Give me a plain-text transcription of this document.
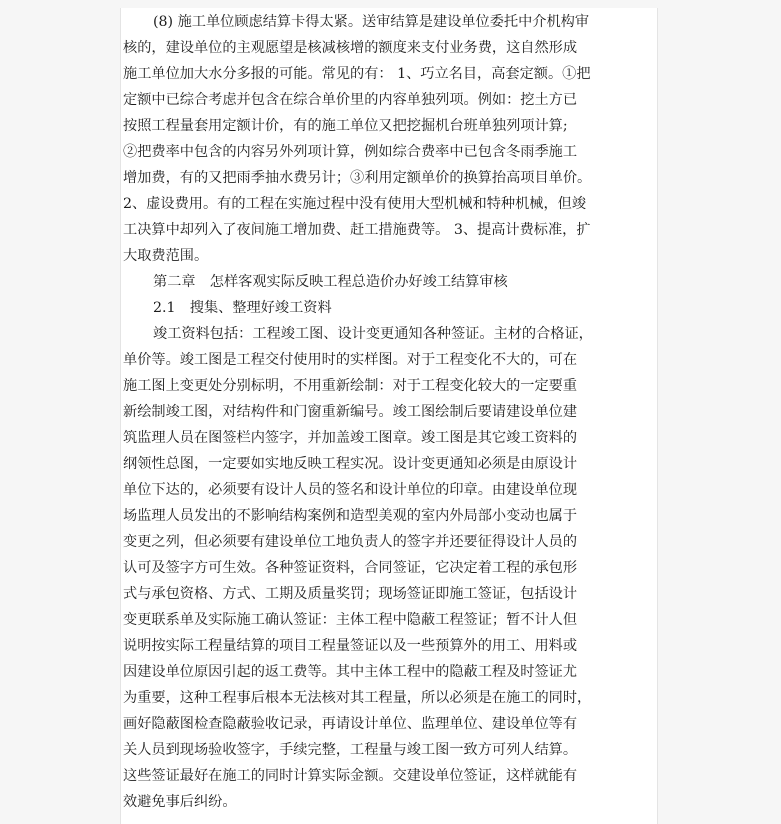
(8) 施工单位顾虑结算卡得太紧。送审结算是建设单位委托中介机构审
核的，建设单位的主观愿望是核减核增的额度来支付业务费，这自然形成
施工单位加大水分多报的可能。常见的有： 1、巧立名目，高套定额。①把
定额中已综合考虑并包含在综合单价里的内容单独列项。例如：挖土方已
按照工程量套用定额计价，有的施工单位又把挖掘机台班单独列项计算;
②把费率中包含的内容另外列项计算，例如综合费率中已包含冬雨季施工
增加费，有的又把雨季抽水费另计；③利用定额单价的换算抬高项目单价。
2、虚设费用。有的工程在实施过程中没有使用大型机械和特种机械，但竣
工决算中却列入了夜间施工增加费、赶工措施费等。 3、提高计费标准，扩
大取费范围。
第二章　怎样客观实际反映工程总造价办好竣工结算审核
2.1　搜集、整理好竣工资料
竣工资料包括：工程竣工图、设计变更通知各种签证。主材的合格证，
单价等。竣工图是工程交付使用时的实样图。对于工程变化不大的，可在
施工图上变更处分别标明，不用重新绘制：对于工程变化较大的一定要重
新绘制竣工图，对结构件和门窗重新编号。竣工图绘制后要请建设单位建
筑监理人员在图签栏内签字，并加盖竣工图章。竣工图是其它竣工资料的
纲领性总图，一定要如实地反映工程实况。设计变更通知必须是由原设计
单位下达的，必须要有设计人员的签名和设计单位的印章。由建设单位现
场监理人员发出的不影响结构案例和造型美观的室内外局部小变动也属于
变更之列，但必须要有建设单位工地负责人的签字并还要征得设计人员的
认可及签字方可生效。各种签证资料，合同签证，它决定着工程的承包形
式与承包资格、方式、工期及质量奖罚；现场签证即施工签证，包括设计
变更联系单及实际施工确认签证：主体工程中隐蔽工程签证；暂不计人但
说明按实际工程量结算的项目工程量签证以及一些预算外的用工、用料或
因建设单位原因引起的返工费等。其中主体工程中的隐蔽工程及时签证尤
为重要，这种工程事后根本无法核对其工程量，所以必须是在施工的同时，
画好隐蔽图检查隐蔽验收记录，再请设计单位、监理单位、建设单位等有
关人员到现场验收签字，手续完整，工程量与竣工图一致方可列人结算。
这些签证最好在施工的同时计算实际金额。交建设单位签证，这样就能有
效避免事后纠纷。
